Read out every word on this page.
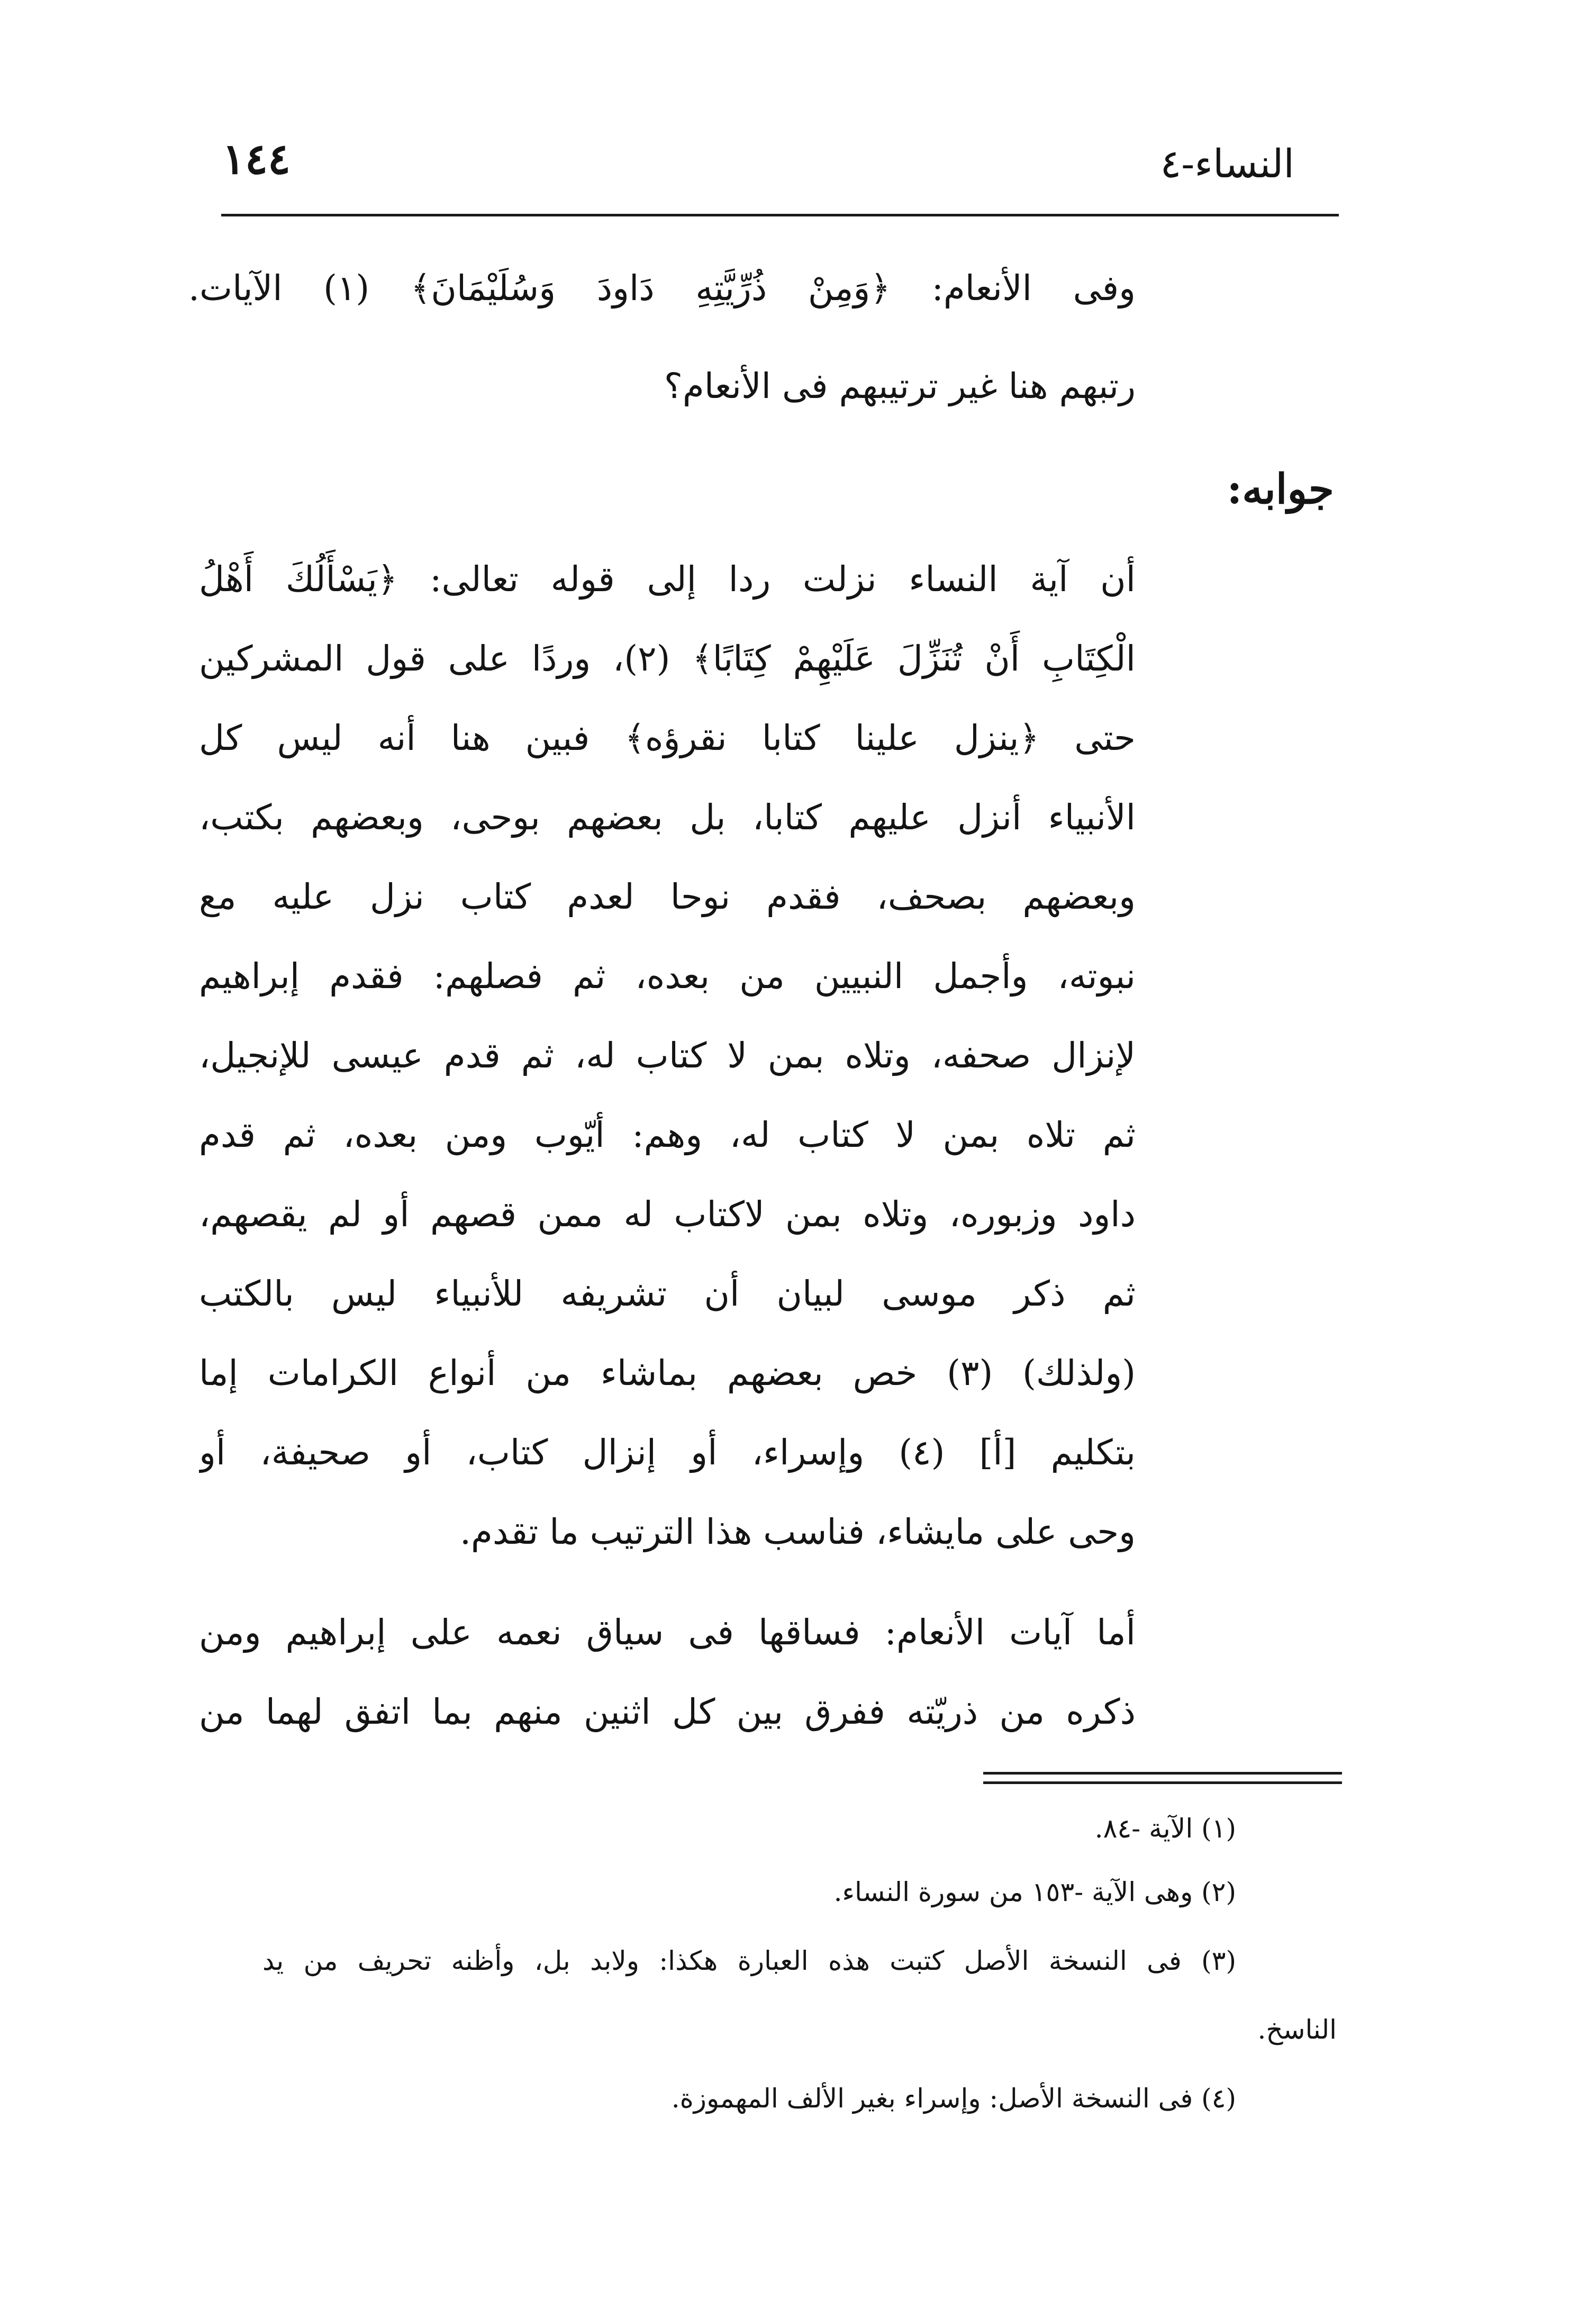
النساء-٤
١٤٤
وفى الأنعام: ﴿وَمِنْ ذُرِّيَّتِهِ دَاودَ وَسُلَيْمَانَ﴾ (١) الآيات.
رتبهم هنا غير ترتيبهم فى الأنعام؟
جوابه:
أن آية النساء نزلت ردا إلى قوله تعالى: ﴿يَسْأَلُكَ أَهْلُ
الْكِتَابِ أَنْ تُنَزِّلَ عَلَيْهِمْ كِتَابًا﴾ (٢)، وردًا على قول المشركين
حتى ﴿ينزل علينا كتابا نقرؤه﴾ فبين هنا أنه ليس كل
الأنبياء أنزل عليهم كتابا، بل بعضهم بوحى، وبعضهم بكتب،
وبعضهم بصحف، فقدم نوحا لعدم كتاب نزل عليه مع
نبوته، وأجمل النبيين من بعده، ثم فصلهم: فقدم إبراهيم
لإنزال صحفه، وتلاه بمن لا كتاب له، ثم قدم عيسى للإنجيل،
ثم تلاه بمن لا كتاب له، وهم: أيّوب ومن بعده، ثم قدم
داود وزبوره، وتلاه بمن لاكتاب له ممن قصهم أو لم يقصهم،
ثم ذكر موسى لبيان أن تشريفه للأنبياء ليس بالكتب
(ولذلك) (٣) خص بعضهم بماشاء من أنواع الكرامات إما
بتكليم [أ] (٤) وإسراء، أو إنزال كتاب، أو صحيفة، أو
وحى على مايشاء، فناسب هذا الترتيب ما تقدم.
أما آيات الأنعام: فساقها فى سياق نعمه على إبراهيم ومن
ذكره من ذريّته ففرق بين كل اثنين منهم بما اتفق لهما من
(١) الآية -٨٤.
(٢) وهى الآية -١٥٣ من سورة النساء.
(٣) فى النسخة الأصل كتبت هذه العبارة هكذا: ولابد بل، وأظنه تحريف من يد
الناسخ.
(٤) فى النسخة الأصل: وإسراء بغير الألف المهموزة.
